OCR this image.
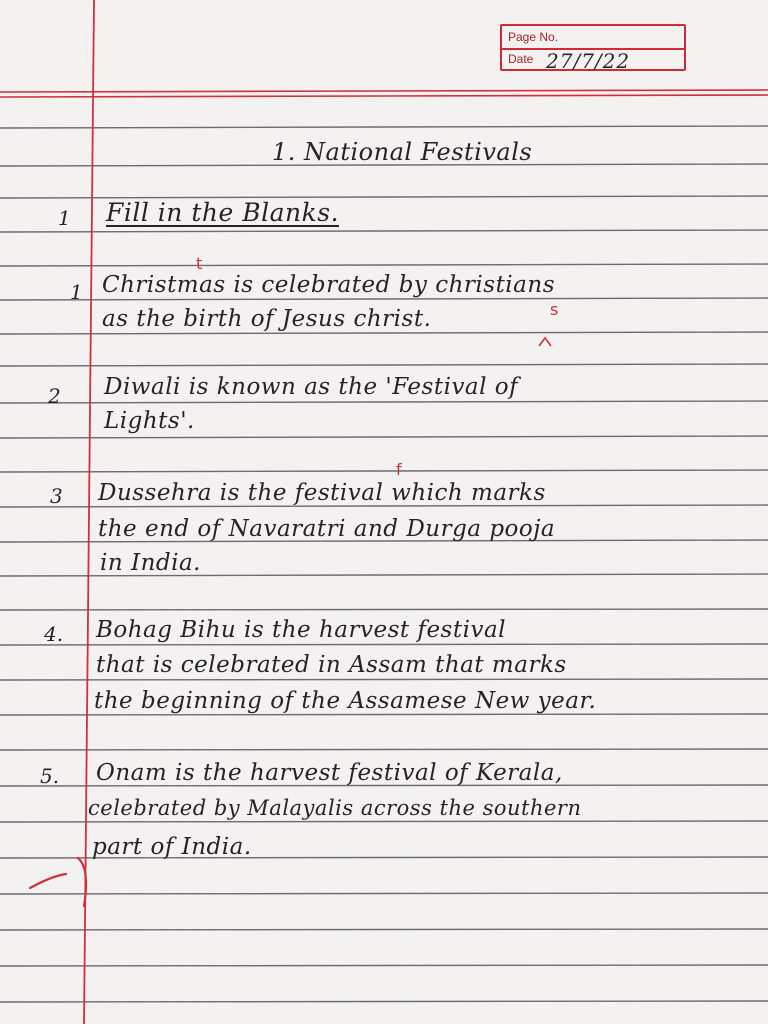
Page No.
Date 27/7/22
1. National Festivals
1 Fill in the Blanks.
1 Christmas is celebrated by christians
as the birth of Jesus christ.
t
s
2 Diwali is known as the 'Festival of
Lights'.
3 Dussehra is the festival which marks
the end of Navaratri and Durga pooja
in India.
f
4. Bohag Bihu is the harvest festival
that is celebrated in Assam that marks
the beginning of the Assamese New year.
5. Onam is the harvest festival of Kerala,
celebrated by Malayalis across the southern
part of India.
